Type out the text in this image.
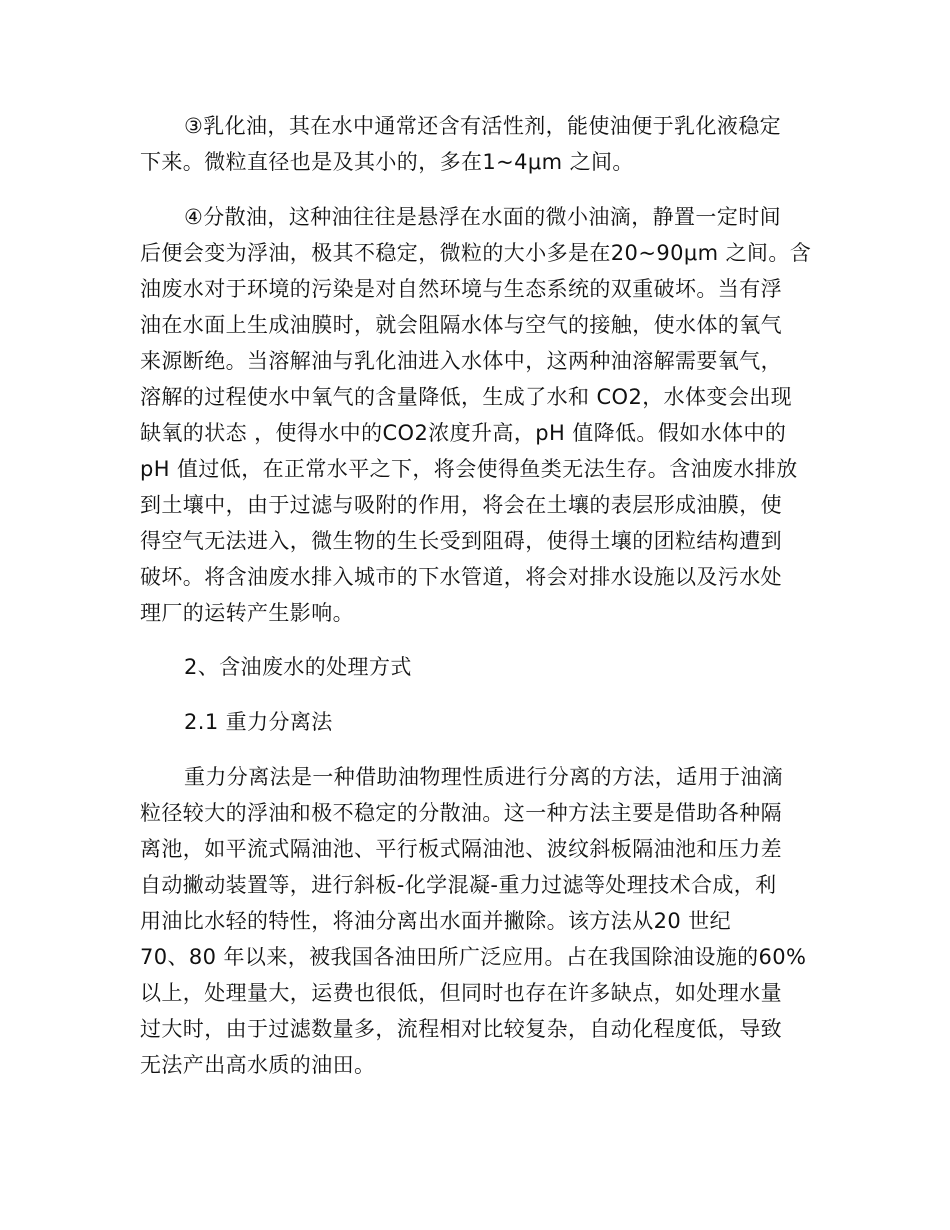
③乳化油，其在水中通常还含有活性剂，能使油便于乳化液稳定
下来。微粒直径也是及其小的，多在1~4μm 之间。
④分散油，这种油往往是悬浮在水面的微小油滴，静置一定时间
后便会变为浮油，极其不稳定，微粒的大小多是在20~90μm 之间。含
油废水对于环境的污染是对自然环境与生态系统的双重破坏。当有浮
油在水面上生成油膜时，就会阻隔水体与空气的接触，使水体的氧气
来源断绝。当溶解油与乳化油进入水体中，这两种油溶解需要氧气，
溶解的过程使水中氧气的含量降低，生成了水和 CO2，水体变会出现
缺氧的状态 ，使得水中的CO2浓度升高，pH 值降低。假如水体中的
pH 值过低，在正常水平之下，将会使得鱼类无法生存。含油废水排放
到土壤中，由于过滤与吸附的作用，将会在土壤的表层形成油膜，使
得空气无法进入，微生物的生长受到阻碍，使得土壤的团粒结构遭到
破坏。将含油废水排入城市的下水管道，将会对排水设施以及污水处
理厂的运转产生影响。
2、含油废水的处理方式
2.1 重力分离法
重力分离法是一种借助油物理性质进行分离的方法，适用于油滴
粒径较大的浮油和极不稳定的分散油。这一种方法主要是借助各种隔
离池，如平流式隔油池、平行板式隔油池、波纹斜板隔油池和压力差
自动撇动装置等，进行斜板-化学混凝-重力过滤等处理技术合成，利
用油比水轻的特性，将油分离出水面并撇除。该方法从20 世纪
70、80 年以来，被我国各油田所广泛应用。占在我国除油设施的60%
以上，处理量大，运费也很低，但同时也存在许多缺点，如处理水量
过大时，由于过滤数量多，流程相对比较复杂，自动化程度低，导致
无法产出高水质的油田。
